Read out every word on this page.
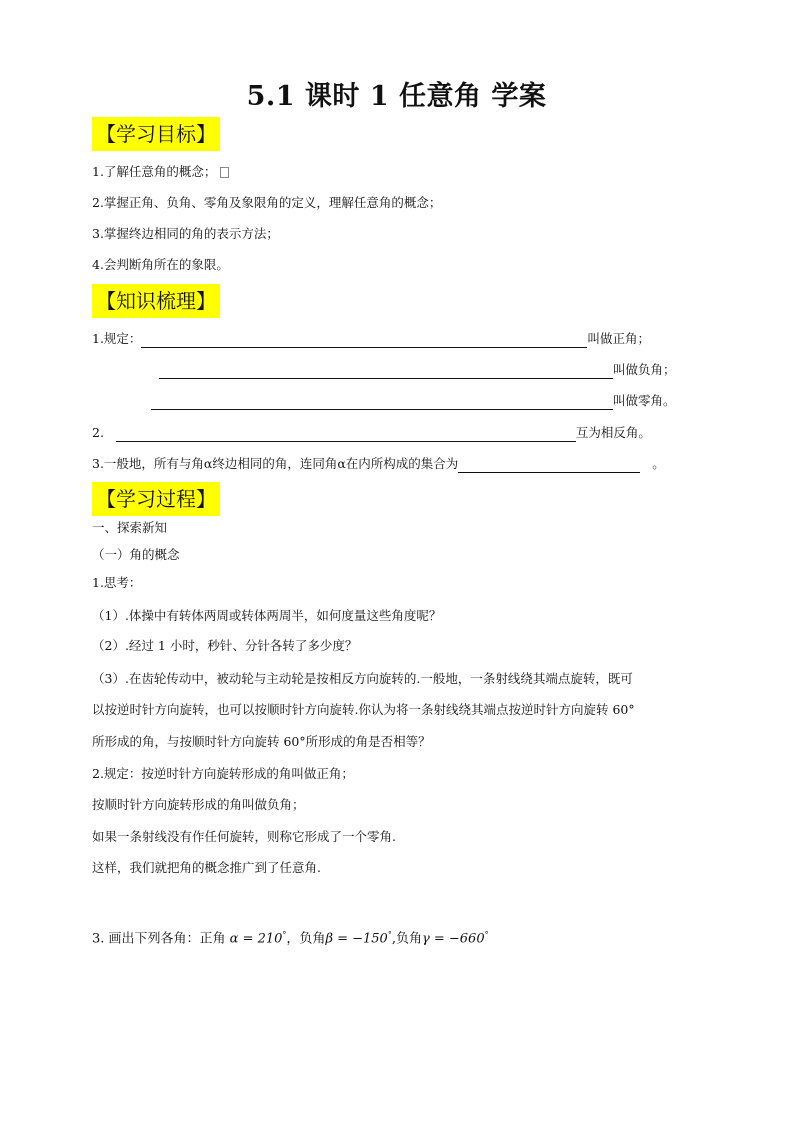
5.1 课时 1 任意角 学案
【学习目标】
1.了解任意角的概念；
2.掌握正角、负角、零角及象限角的定义，理解任意角的概念；
3.掌握终边相同的角的表示方法；
4.会判断角所在的象限。
【知识梳理】
1.规定：	叫做正角；
叫做负角；
叫做零角。
2.	互为相反角。
3.一般地，所有与角α终边相同的角，连同角α在内所构成的集合为	。
【学习过程】
一、探索新知
（一）角的概念
1.思考：
（1）.体操中有转体两周或转体两周半，如何度量这些角度呢？
（2）.经过 1 小时，秒针、分针各转了多少度？
（3）.在齿轮传动中，被动轮与主动轮是按相反方向旋转的.一般地，一条射线绕其端点旋转，既可
以按逆时针方向旋转，也可以按顺时针方向旋转.你认为将一条射线绕其端点按逆时针方向旋转 60°
所形成的角，与按顺时针方向旋转 60°所形成的角是否相等？
2.规定：按逆时针方向旋转形成的角叫做正角；
按顺时针方向旋转形成的角叫做负角；
如果一条射线没有作任何旋转，则称它形成了一个零角.
这样，我们就把角的概念推广到了任意角.
3. 画出下列各角：正角 α = 210°，负角β = −150°,负角γ = −660°
